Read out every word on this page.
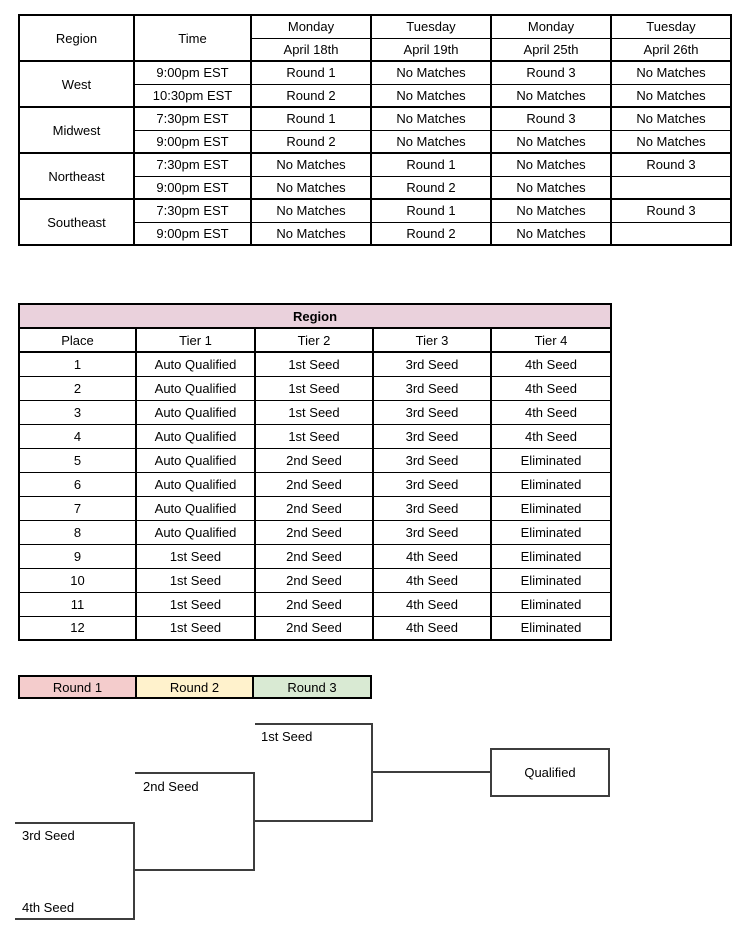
Region	Time	Monday	Tuesday	Monday	Tuesday
		April 18th	April 19th	April 25th	April 26th
West	9:00pm EST	Round 1	No Matches	Round 3	No Matches
	10:30pm EST	Round 2	No Matches	No Matches	No Matches
Midwest	7:30pm EST	Round 1	No Matches	Round 3	No Matches
	9:00pm EST	Round 2	No Matches	No Matches	No Matches
Northeast	7:30pm EST	No Matches	Round 1	No Matches	Round 3
	9:00pm EST	No Matches	Round 2	No Matches	
Southeast	7:30pm EST	No Matches	Round 1	No Matches	Round 3
	9:00pm EST	No Matches	Round 2	No Matches	
Region				
Place	Tier 1	Tier 2	Tier 3	Tier 4
1	Auto Qualified	1st Seed	3rd Seed	4th Seed
2	Auto Qualified	1st Seed	3rd Seed	4th Seed
3	Auto Qualified	1st Seed	3rd Seed	4th Seed
4	Auto Qualified	1st Seed	3rd Seed	4th Seed
5	Auto Qualified	2nd Seed	3rd Seed	Eliminated
6	Auto Qualified	2nd Seed	3rd Seed	Eliminated
7	Auto Qualified	2nd Seed	3rd Seed	Eliminated
8	Auto Qualified	2nd Seed	3rd Seed	Eliminated
9	1st Seed	2nd Seed	4th Seed	Eliminated
10	1st Seed	2nd Seed	4th Seed	Eliminated
11	1st Seed	2nd Seed	4th Seed	Eliminated
12	1st Seed	2nd Seed	4th Seed	Eliminated
Round 1	Round 2	Round 3
Qualified
1st Seed
2nd Seed
3rd Seed
4th Seed
